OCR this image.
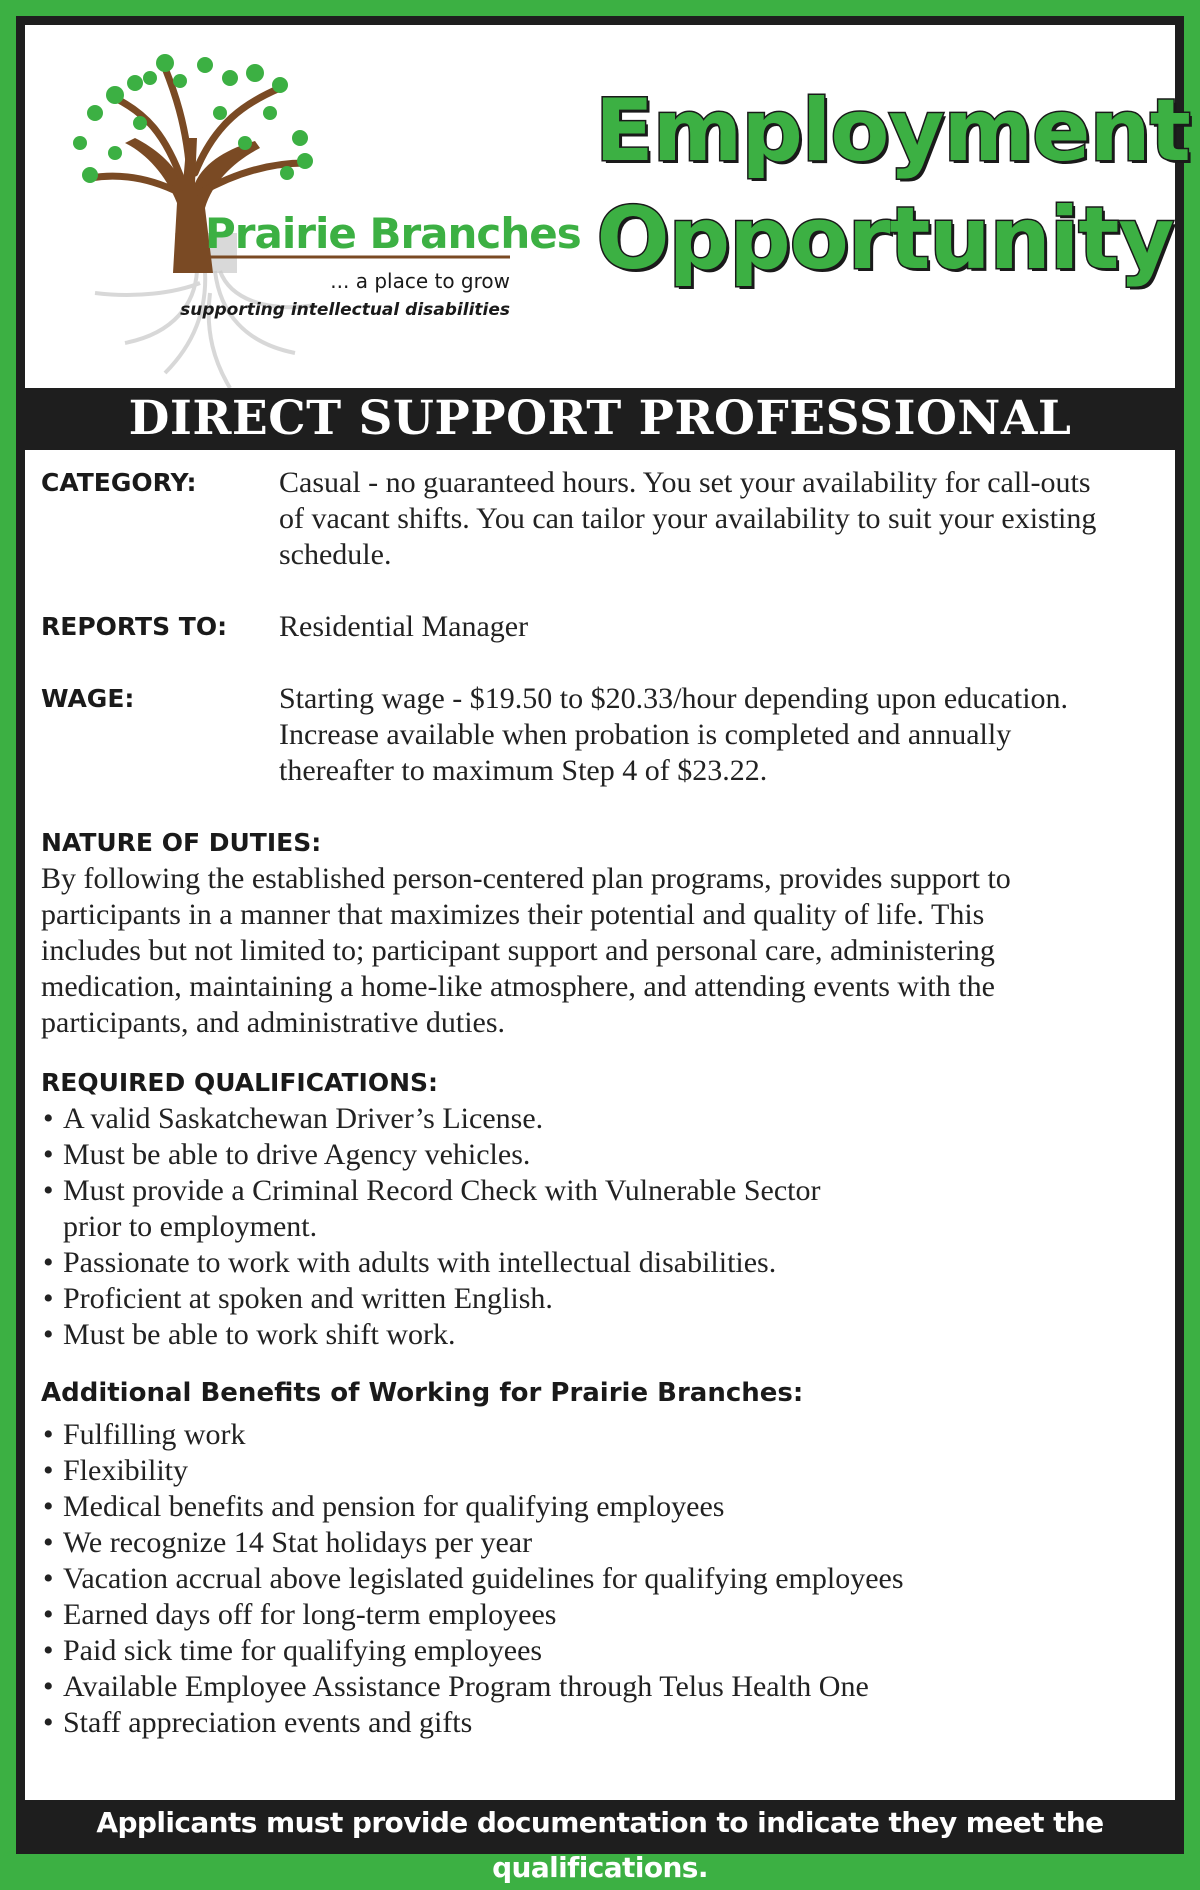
Prairie Branches
... a place to grow
supporting intellectual disabilities
Employment
Opportunity
DIRECT SUPPORT PROFESSIONAL
CATEGORY:	Casual - no guaranteed hours. You set your availability for call-outs
of vacant shifts. You can tailor your availability to suit your existing
schedule.
REPORTS TO:	Residential Manager
WAGE:	Starting wage - $19.50 to $20.33/hour depending upon education.
Increase available when probation is completed and annually
thereafter to maximum Step 4 of $23.22.
NATURE OF DUTIES:
By following the established person-centered plan programs, provides support to
participants in a manner that maximizes their potential and quality of life. This
includes but not limited to; participant support and personal care, administering
medication, maintaining a home-like atmosphere, and attending events with the
participants, and administrative duties.
REQUIRED QUALIFICATIONS:
• A valid Saskatchewan Driver’s License.
• Must be able to drive Agency vehicles.
• Must provide a Criminal Record Check with Vulnerable Sector prior to employment.
• Passionate to work with adults with intellectual disabilities.
• Proficient at spoken and written English.
• Must be able to work shift work.
Additional Benefits of Working for Prairie Branches:
• Fulfilling work
• Flexibility
• Medical benefits and pension for qualifying employees
• We recognize 14 Stat holidays per year
• Vacation accrual above legislated guidelines for qualifying employees
• Earned days off for long-term employees
• Paid sick time for qualifying employees
• Available Employee Assistance Program through Telus Health One
• Staff appreciation events and gifts
Applicants must provide documentation to indicate they meet the qualifications.
